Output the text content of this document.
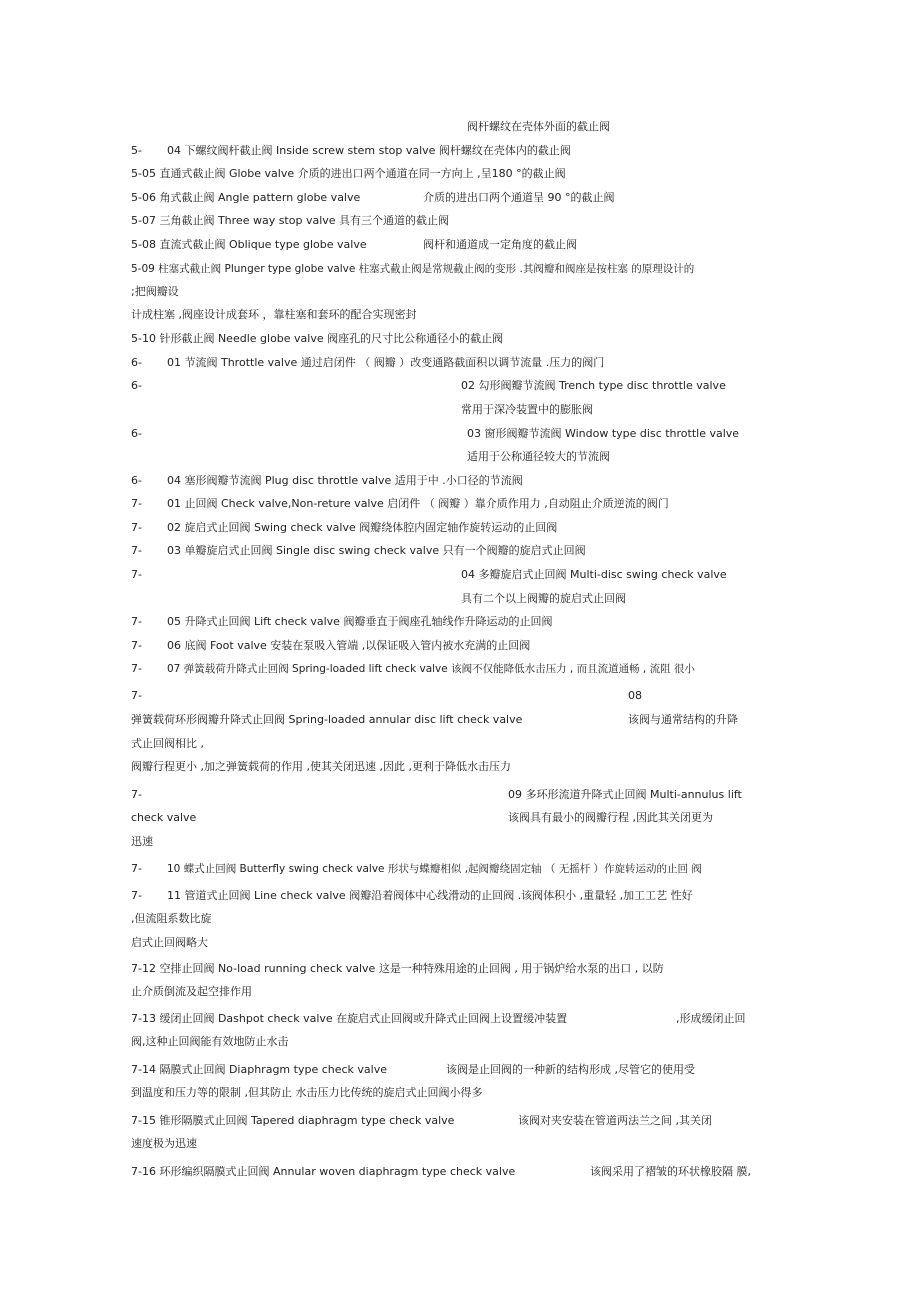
阀杆螺纹在壳体外面的截止阀
5- 04 下螺纹阀杆截止阀 Inside screw stem stop valve 阀杆螺纹在壳体内的截止阀
5-05 直通式截止阀 Globe valve 介质的进出口两个通道在同一方向上 ,呈180 °的截止阀
5-06 角式截止阀 Angle pattern globe valve	介质的进出口两个通道呈 90 °的截止阀
5-07 三角截止阀 Three way stop valve 具有三个通道的截止阀
5-08 直流式截止阀 Oblique type globe valve	阀杆和通道成一定角度的截止阀
5-09 柱塞式截止阀 Plunger type globe valve 柱塞式截止阀是常规截止阀的变形 .其阀瓣和阀座是按柱塞 的原理设计的
;把阀瓣设
计成柱塞 ,阀座设计成套环 ，靠柱塞和套环的配合实现密封
5-10 针形截止阀 Needle globe valve 阀座孔的尺寸比公称通径小的截止阀
6- 01 节流阀 Throttle valve 通过启闭件 （ 阀瓣 ）改变通路截面积以调节流量 .压力的阀门
6-	02 勾形阀瓣节流阀 Trench type disc throttle valve
常用于深冷装置中的膨胀阀
6-	03 窗形阀瓣节流阀 Window type disc throttle valve
适用于公称通径较大的节流阀
6- 04 塞形阀瓣节流阀 Plug disc throttle valve 适用于中 .小口径的节流阀
7- 01 止回阀 Check valve,Non-reture valve 启闭件 （ 阀瓣 ）靠介质作用力 ,自动阻止介质逆流的阀门
7- 02 旋启式止回阀 Swing check valve 阀瓣绕体腔内固定轴作旋转运动的止回阀
7- 03 单瓣旋启式止回阀 Single disc swing check valve 只有一个阀瓣的旋启式止回阀
7-	04 多瓣旋启式止回阀 Multi-disc swing check valve
具有二个以上阀瓣的旋启式止回阀
7- 05 升降式止回阀 Lift check valve 阀瓣垂直于阀座孔轴线作升降运动的止回阀
7- 06 底阀 Foot valve 安装在泵吸入管端 ,以保证吸入管内被水充满的止回阀
7- 07 弹簧载荷升降式止回阀 Spring-loaded lift check valve 该阀不仅能降低水击压力 , 而且流道通畅 , 流阻 很小
7-	08
弹簧载荷环形阀瓣升降式止回阀 Spring-loaded annular disc lift check valve	该阀与通常结构的升降
式止回阀相比 ,
阀瓣行程更小 ,加之弹簧载荷的作用 ,使其关闭迅速 ,因此 ,更利于降低水击压力
7-	09 多环形流道升降式止回阀 Multi-annulus lift
check valve	该阀具有最小的阀瓣行程 ,因此其关闭更为
迅速
7- 10 蝶式止回阀 Butterfly swing check valve 形状与蝶瓣相似 ,起阀瓣绕固定轴 （ 无摇杆 ）作旋转运动的止回 阀
7- 11 管道式止回阀 Line check valve 阀瓣沿着阀体中心线滑动的止回阀 .该阀体积小 ,重量轻 ,加工工艺 性好
,但流阻系数比旋
启式止回阀略大
7-12 空排止回阀 No-load running check valve 这是一种特殊用途的止回阀 , 用于锅炉给水泵的出口 , 以防
止介质倒流及起空排作用
7-13 缓闭止回阀 Dashpot check valve 在旋启式止回阀或升降式止回阀上设置缓冲装置	,形成缓闭止回
阀,这种止回阀能有效地防止水击
7-14 隔膜式止回阀 Diaphragm type check valve	该阀是止回阀的一种新的结构形成 ,尽管它的使用受
到温度和压力等的限制 ,但其防止 水击压力比传统的旋启式止回阀小得多
7-15 锥形隔膜式止回阀 Tapered diaphragm type check valve	该阀对夹安装在管道两法兰之间 ,其关闭
速度极为迅速
7-16 环形编织隔膜式止回阀 Annular woven diaphragm type check valve	该阀采用了褶皱的环状橡胶隔 膜,
